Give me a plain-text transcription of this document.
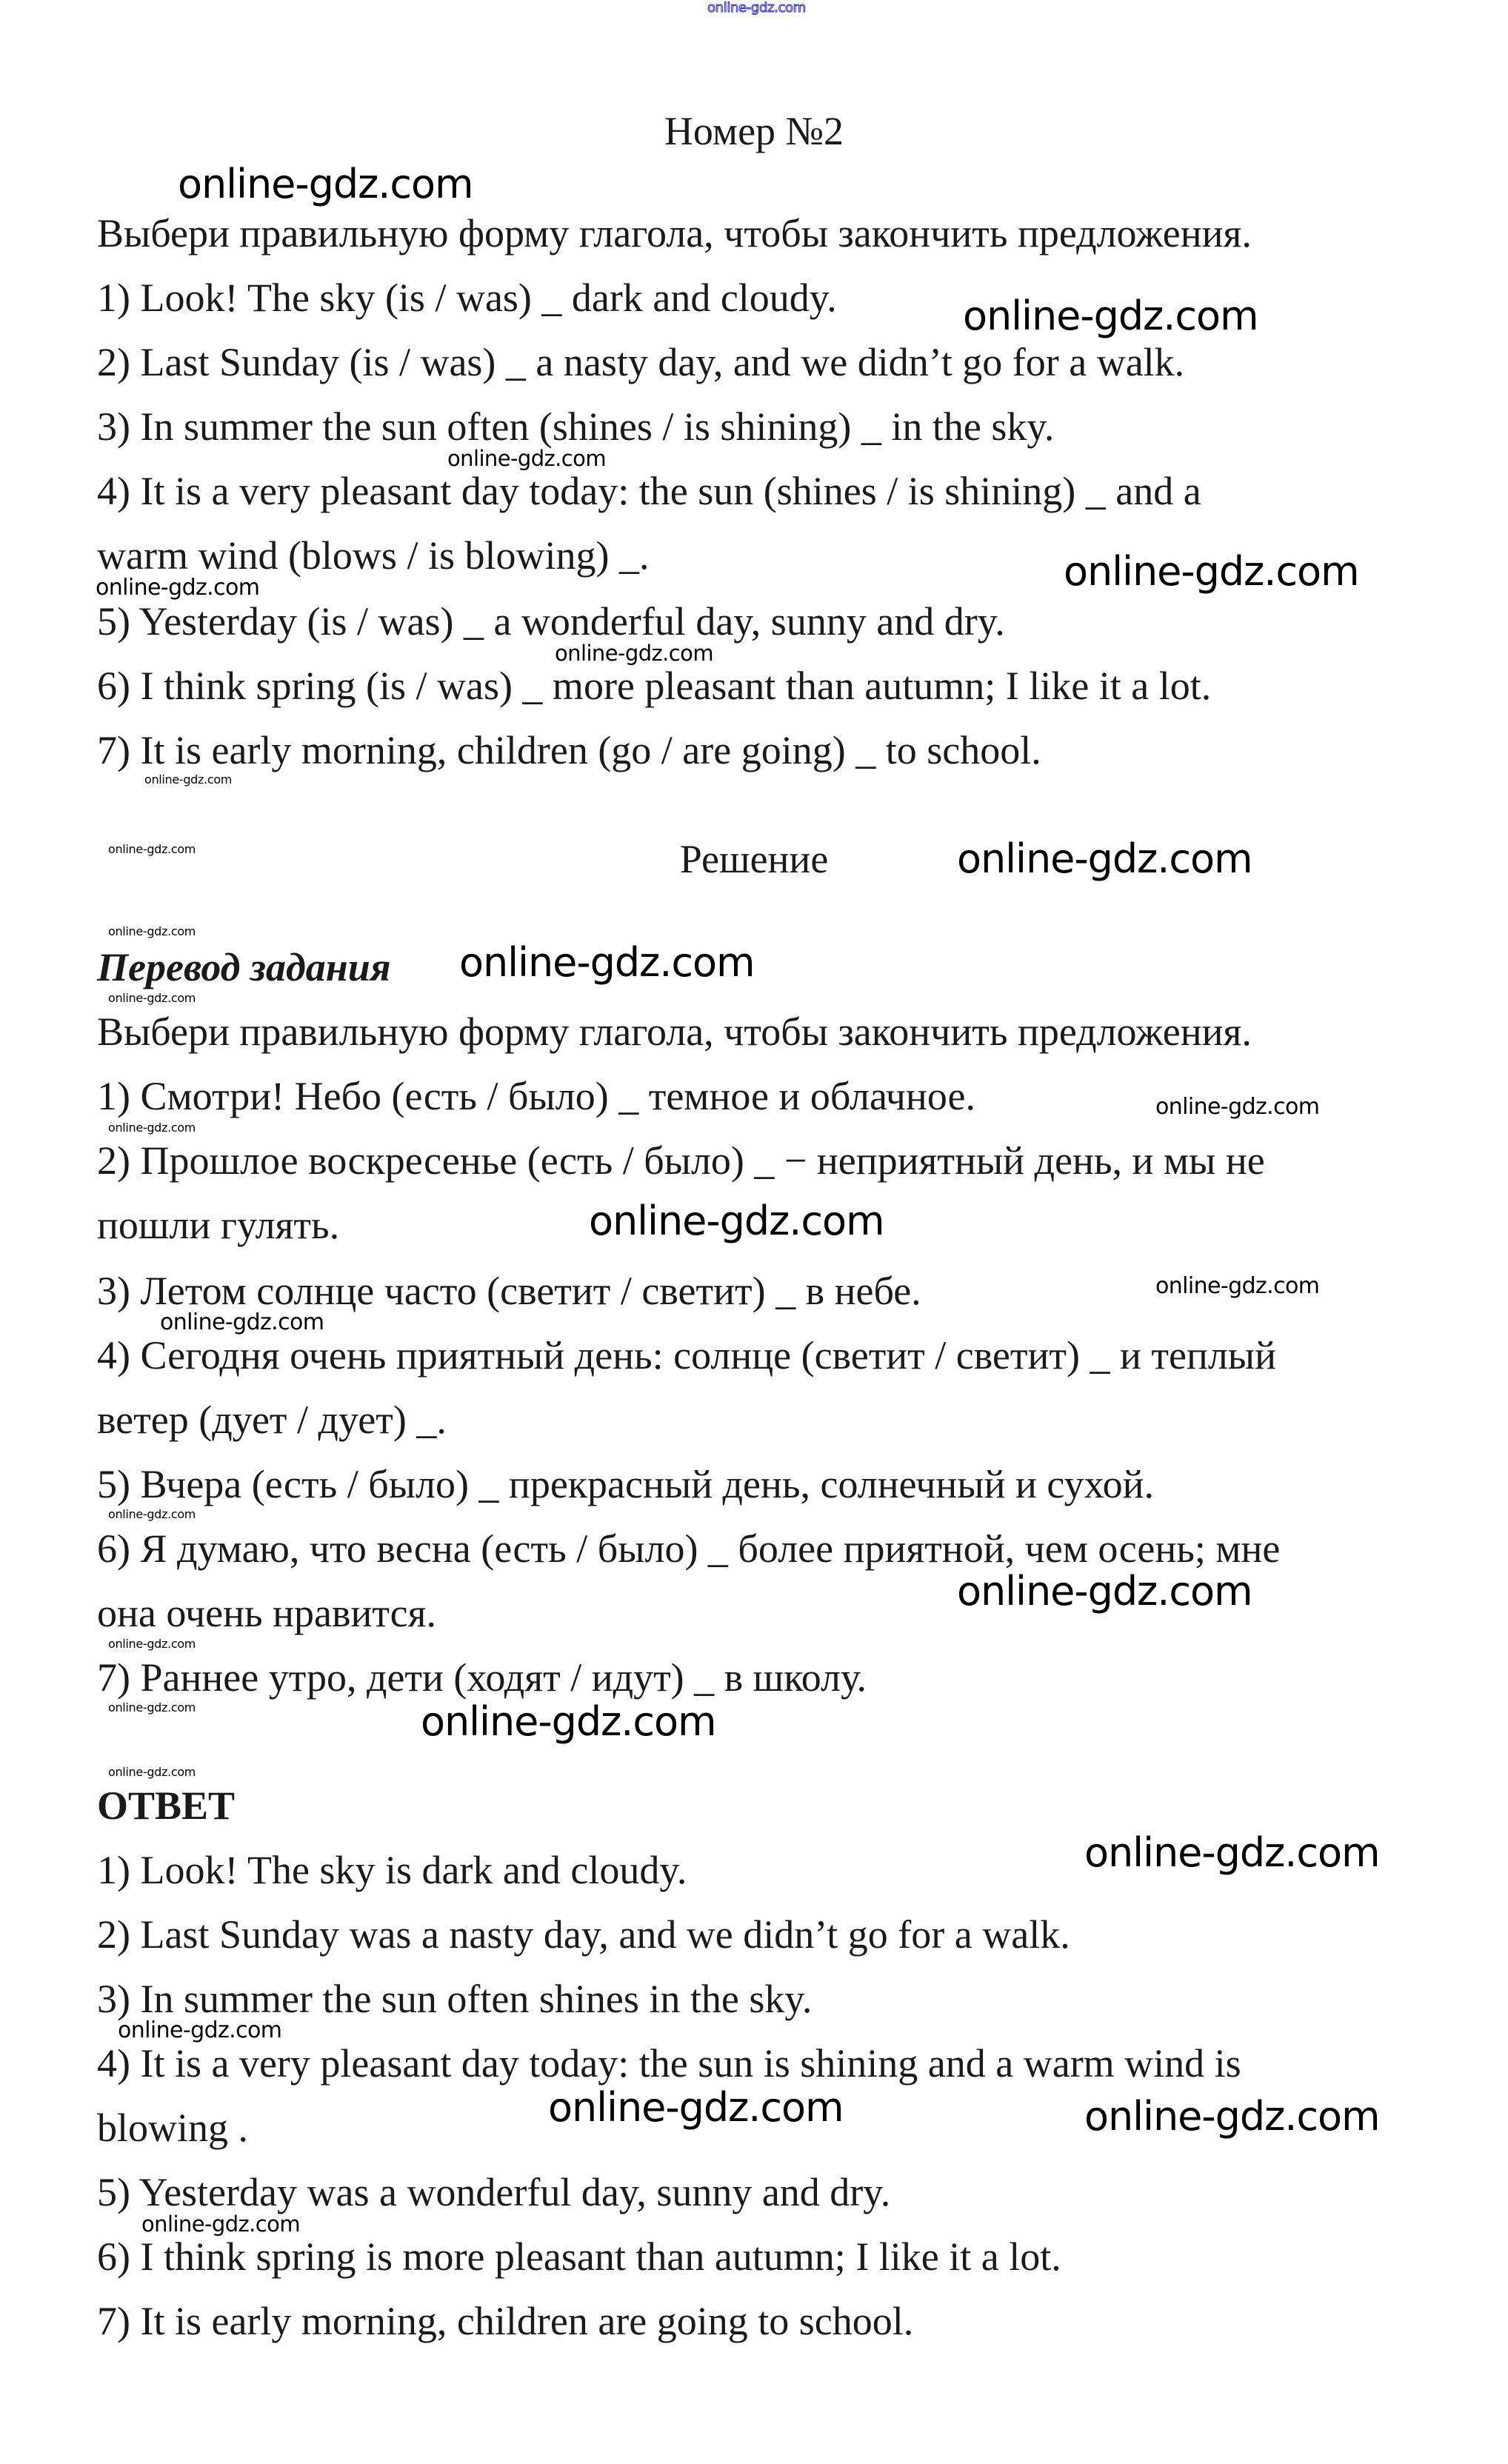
Номер №2
Выбери правильную форму глагола, чтобы закончить предложения.
1) Look! The sky (is / was) _ dark and cloudy.
2) Last Sunday (is / was) _ a nasty day, and we didn’t go for a walk.
3) In summer the sun often (shines / is shining) _ in the sky.
4) It is a very pleasant day today: the sun (shines / is shining) _ and a
warm wind (blows / is blowing) _.
5) Yesterday (is / was) _ a wonderful day, sunny and dry.
6) I think spring (is / was) _ more pleasant than autumn; I like it a lot.
7) It is early morning, children (go / are going) _ to school.
Решение
Перевод задания
Выбери правильную форму глагола, чтобы закончить предложения.
1) Смотри! Небо (есть / было) _ темное и облачное.
2) Прошлое воскресенье (есть / было) _ − неприятный день, и мы не
пошли гулять.
3) Летом солнце часто (светит / светит) _ в небе.
4) Сегодня очень приятный день: солнце (светит / светит) _ и теплый
ветер (дует / дует) _.
5) Вчера (есть / было) _ прекрасный день, солнечный и сухой.
6) Я думаю, что весна (есть / было) _ более приятной, чем осень; мне
она очень нравится.
7) Раннее утро, дети (ходят / идут) _ в школу.
ОТВЕТ
1) Look! The sky is dark and cloudy.
2) Last Sunday was a nasty day, and we didn’t go for a walk.
3) In summer the sun often shines in the sky.
4) It is a very pleasant day today: the sun is shining and a warm wind is
blowing .
5) Yesterday was a wonderful day, sunny and dry.
6) I think spring is more pleasant than autumn; I like it a lot.
7) It is early morning, children are going to school.
online-gdz.com
online-gdz.com
online-gdz.com
online-gdz.com
online-gdz.com
online-gdz.com
online-gdz.com
online-gdz.com
online-gdz.com	online-gdz.com
online-gdz.com
online-gdz.com
online-gdz.com
online-gdz.com
online-gdz.com
online-gdz.com
online-gdz.com
online-gdz.com
online-gdz.com
online-gdz.com
online-gdz.com
online-gdz.com	online-gdz.com
online-gdz.com
online-gdz.com
online-gdz.com
online-gdz.com	online-gdz.com
online-gdz.com
